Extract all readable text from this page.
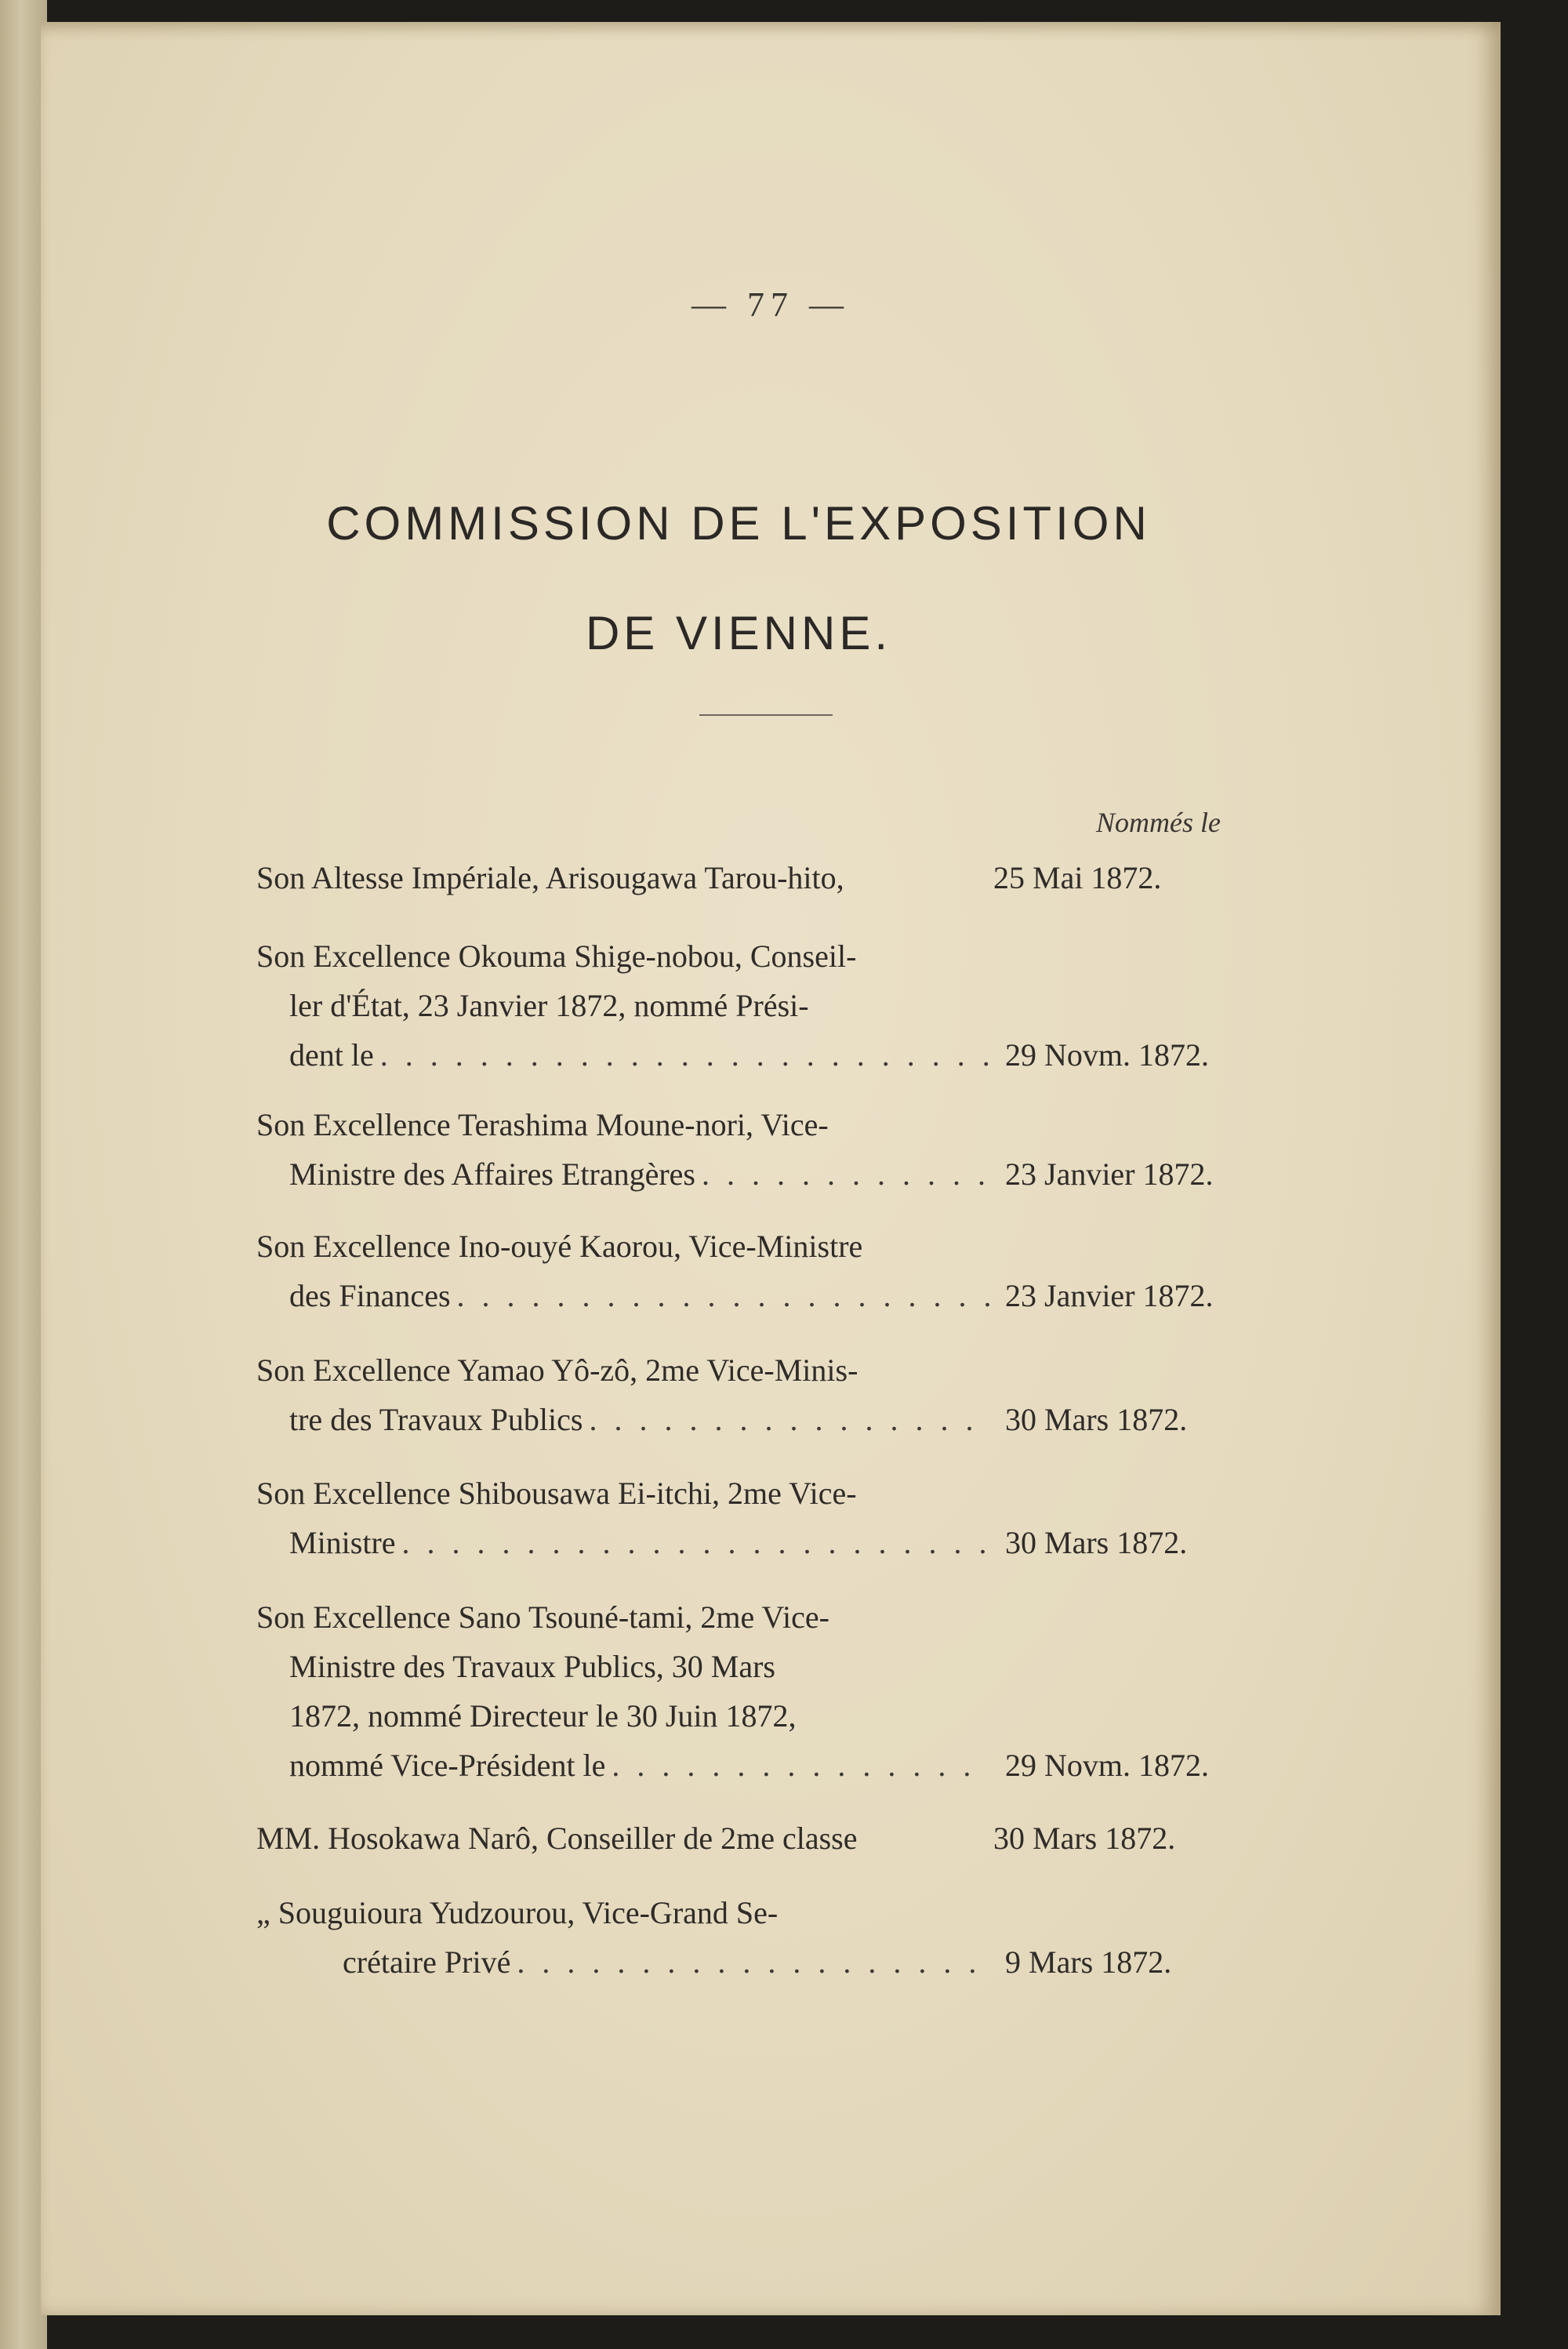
— 77 —
COMMISSION DE L'EXPOSITION
DE VIENNE.
Nommés le
Son Altesse Impériale, Arisougawa Tarou-hito,	25 Mai 1872.
Son Excellence Okouma Shige-nobou, Conseil-
ler d'État, 23 Janvier 1872, nommé Prési-
dent le . . .	29 Novm. 1872.
Son Excellence Terashima Moune-nori, Vice-
Ministre des Affaires Etrangères . . .	23 Janvier 1872.
Son Excellence Ino-ouyé Kaorou, Vice-Ministre
des Finances . . .	23 Janvier 1872.
Son Excellence Yamao Yô-zô, 2me Vice-Minis-
tre des Travaux Publics . . .	30 Mars 1872.
Son Excellence Shibousawa Ei-itchi, 2me Vice-
Ministre . . .	30 Mars 1872.
Son Excellence Sano Tsouné-tami, 2me Vice-
Ministre des Travaux Publics, 30 Mars
1872, nommé Directeur le 30 Juin 1872,
nommé Vice-Président le . . .	29 Novm. 1872.
MM. Hosokawa Narô, Conseiller de 2me classe	30 Mars 1872.
„ Souguioura Yudzourou, Vice-Grand Se-
crétaire Privé . . .	9 Mars 1872.
